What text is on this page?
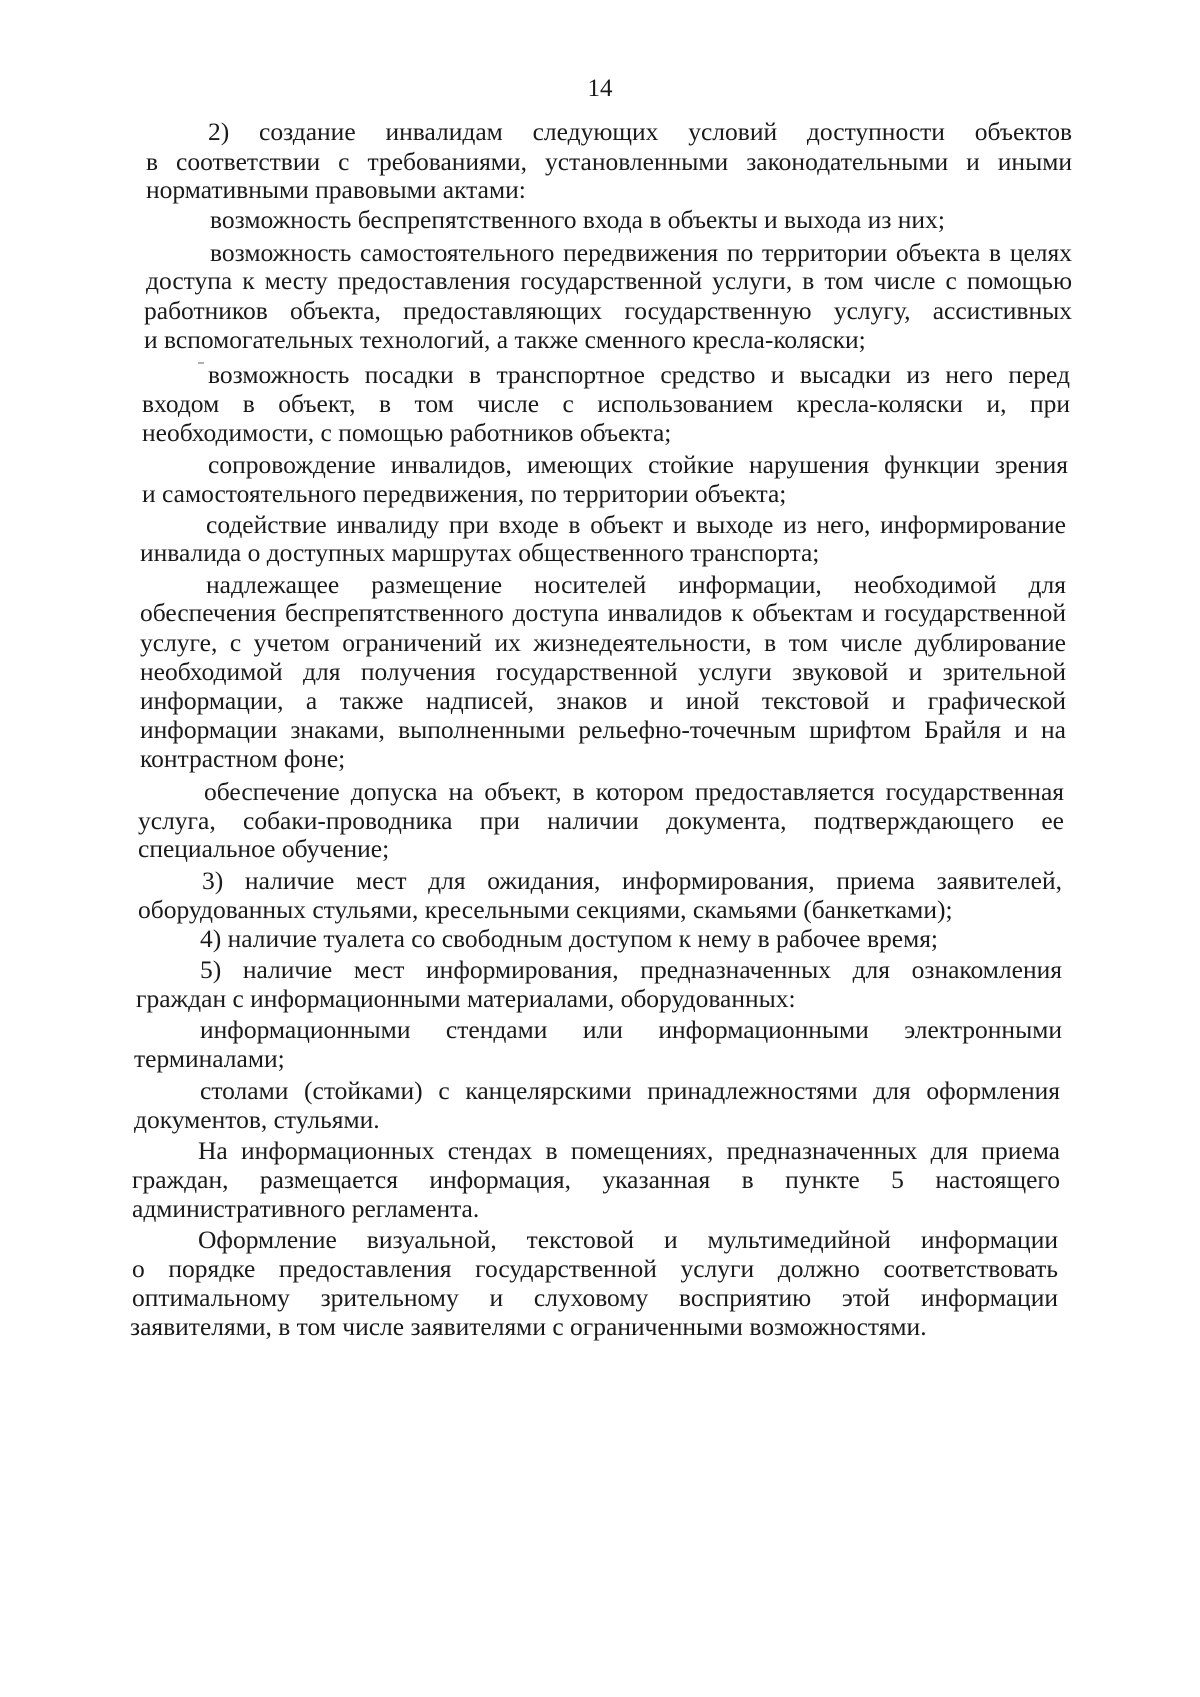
14
2) создание инвалидам следующих условий доступности объектов
в соответствии с требованиями, установленными законодательными и иными
нормативными правовыми актами:
возможность беспрепятственного входа в объекты и выхода из них;
возможность самостоятельного передвижения по территории объекта в целях
доступа к месту предоставления государственной услуги, в том числе с помощью
работников объекта, предоставляющих государственную услугу, ассистивных
и вспомогательных технологий, а также сменного кресла-коляски;
возможность посадки в транспортное средство и высадки из него перед
входом в объект, в том числе с использованием кресла-коляски и, при
необходимости, с помощью работников объекта;
сопровождение инвалидов, имеющих стойкие нарушения функции зрения
и самостоятельного передвижения, по территории объекта;
содействие инвалиду при входе в объект и выходе из него, информирование
инвалида о доступных маршрутах общественного транспорта;
надлежащее размещение носителей информации, необходимой для
обеспечения беспрепятственного доступа инвалидов к объектам и государственной
услуге, с учетом ограничений их жизнедеятельности, в том числе дублирование
необходимой для получения государственной услуги звуковой и зрительной
информации, а также надписей, знаков и иной текстовой и графической
информации знаками, выполненными рельефно-точечным шрифтом Брайля и на
контрастном фоне;
обеспечение допуска на объект, в котором предоставляется государственная
услуга, собаки-проводника при наличии документа, подтверждающего ее
специальное обучение;
3) наличие мест для ожидания, информирования, приема заявителей,
оборудованных стульями, кресельными секциями, скамьями (банкетками);
4) наличие туалета со свободным доступом к нему в рабочее время;
5) наличие мест информирования, предназначенных для ознакомления
граждан с информационными материалами, оборудованных:
информационными стендами или информационными электронными
терминалами;
столами (стойками) с канцелярскими принадлежностями для оформления
документов, стульями.
На информационных стендах в помещениях, предназначенных для приема
граждан, размещается информация, указанная в пункте 5 настоящего
административного регламента.
Оформление визуальной, текстовой и мультимедийной информации
о порядке предоставления государственной услуги должно соответствовать
оптимальному зрительному и слуховому восприятию этой информации
заявителями, в том числе заявителями с ограниченными возможностями.
